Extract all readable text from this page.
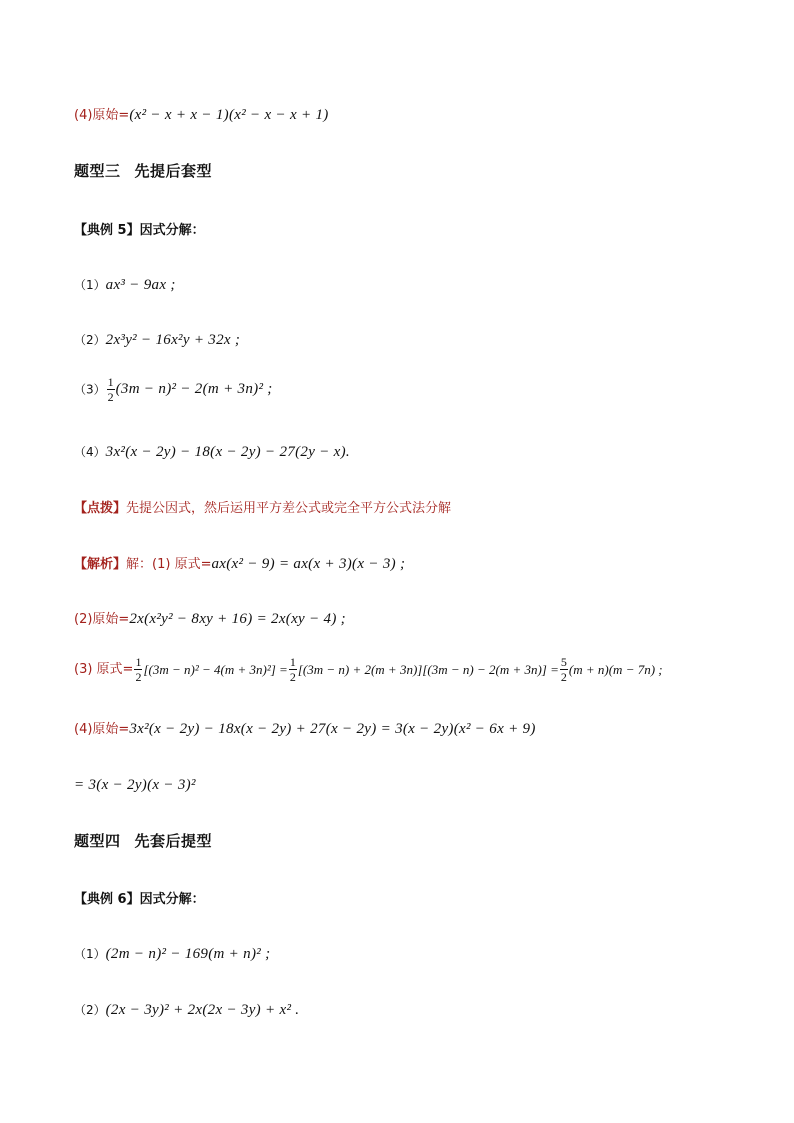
(4)原始=(x² − x + x − 1)(x² − x − x + 1)
题型三 先提后套型
【典例 5】因式分解：
（1）ax³ − 9ax ;
（2）2x³y² − 16x²y + 32x ;
$(3) \frac{1}{2} (3m - n)^2 - 2(m + 3n)^2$ ;
（4）3x²(x − 2y) − 18(x − 2y) − 27(2y − x).
【点拨】先提公因式，然后运用平方差公式或完全平方公式法分解
【解析】解：(1) 原式=ax(x² − 9) = ax(x + 3)(x − 3) ;
(2)原始=2x(x²y² − 8xy + 16) = 2x(xy − 4) ;
(3) 原式= $\frac{1}{2} [(3m - n)^2 - 4(m + 3n)^2] = \frac{1}{2} [(3m - n) + 2(m + 3n)][(3m - n) - 2(m + 3n)] = \frac{5}{2} (m + n)(m - 7n)$ ;
(4)原始=3x²(x − 2y) − 18x(x − 2y) + 27(x − 2y) = 3(x − 2y)(x² − 6x + 9)
= 3(x − 2y)(x − 3)²
题型四 先套后提型
【典例 6】因式分解：
（1）(2m − n)² − 169(m + n)² ;
（2）(2x − 3y)² + 2x(2x − 3y) + x² .
